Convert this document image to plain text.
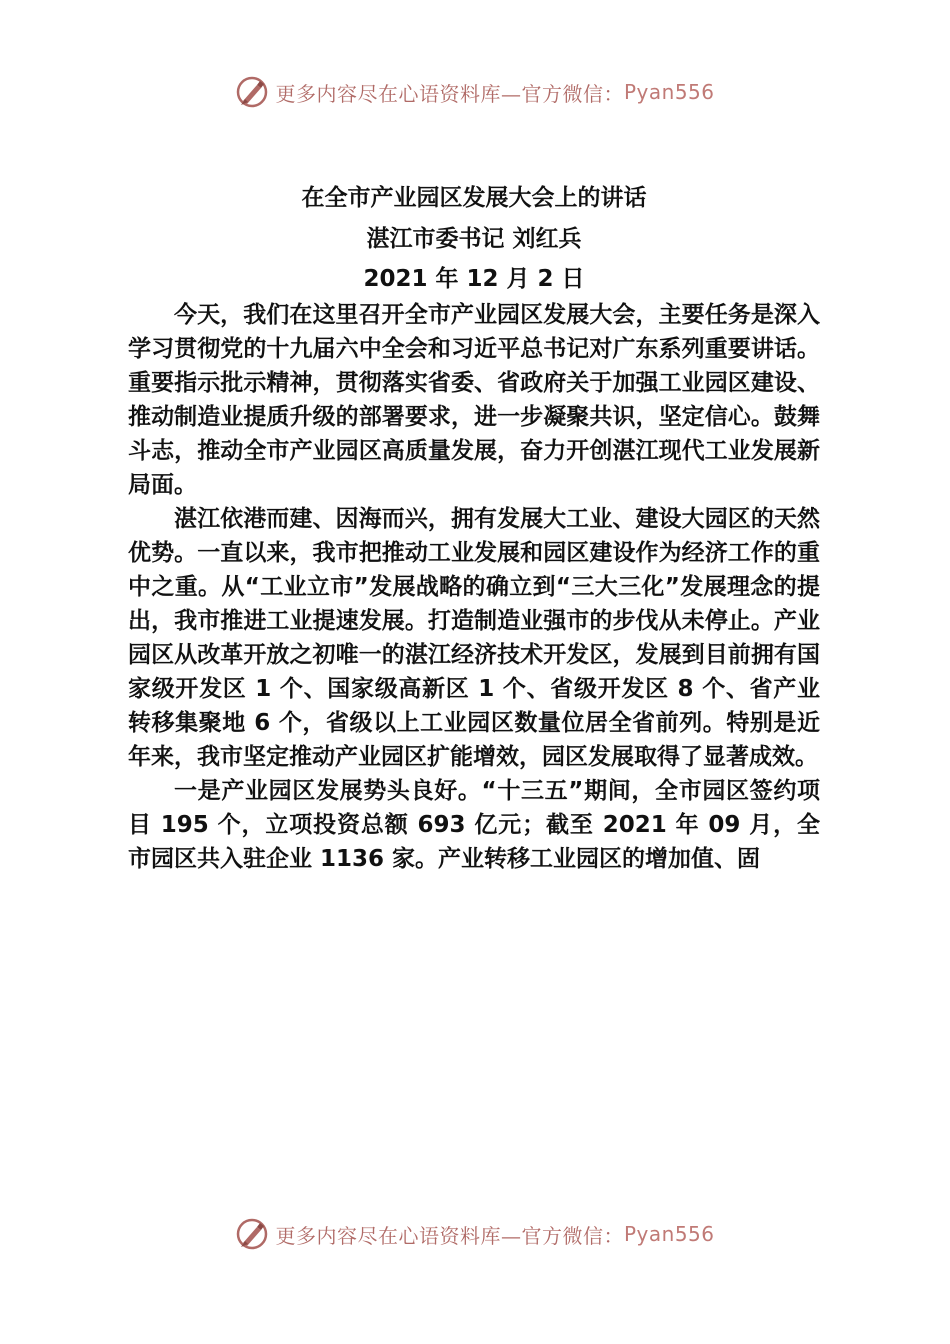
更多内容尽在心语资料库—官方微信： Pyan556

在全市产业园区发展大会上的讲话

湛江市委书记 刘红兵

2021 年 12 月 2 日

今天，我们在这里召开全市产业园区发展大会，主要任务是深入学习贯彻党的十九届六中全会和习近平总书记对广东系列重要讲话。重要指示批示精神，贯彻落实省委、省政府关于加强工业园区建设、推动制造业提质升级的部署要求，进一步凝聚共识，坚定信心。鼓舞斗志，推动全市产业园区高质量发展，奋力开创湛江现代工业发展新局面。

湛江依港而建、因海而兴，拥有发展大工业、建设大园区的天然优势。一直以来，我市把推动工业发展和园区建设作为经济工作的重中之重。从“工业立市”发展战略的确立到“三大三化”发展理念的提出，我市推进工业提速发展。打造制造业强市的步伐从未停止。产业园区从改革开放之初唯一的湛江经济技术开发区，发展到目前拥有国家级开发区 1 个、国家级高新区 1 个、省级开发区 8 个、省产业转移集聚地 6 个，省级以上工业园区数量位居全省前列。特别是近年来，我市坚定推动产业园区扩能增效，园区发展取得了显著成效。

一是产业园区发展势头良好。“十三五”期间，全市园区签约项目 195 个，立项投资总额 693 亿元；截至 2021 年 09 月，全市园区共入驻企业 1136 家。产业转移工业园区的增加值、固

更多内容尽在心语资料库—官方微信： Pyan556
